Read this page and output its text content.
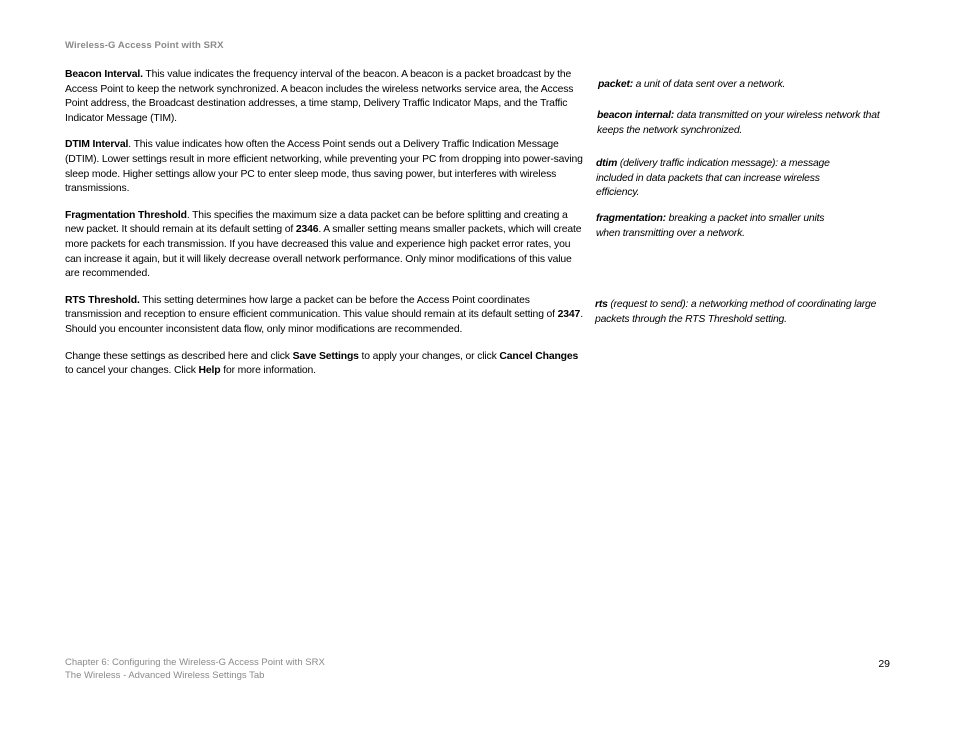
Wireless-G Access Point with SRX

Beacon Interval. This value indicates the frequency interval of the beacon. A beacon is a packet broadcast by the Access Point to keep the network synchronized. A beacon includes the wireless networks service area, the Access Point address, the Broadcast destination addresses, a time stamp, Delivery Traffic Indicator Maps, and the Traffic Indicator Message (TIM).

DTIM Interval. This value indicates how often the Access Point sends out a Delivery Traffic Indication Message (DTIM). Lower settings result in more efficient networking, while preventing your PC from dropping into power-saving sleep mode. Higher settings allow your PC to enter sleep mode, thus saving power, but interferes with wireless transmissions.

Fragmentation Threshold. This specifies the maximum size a data packet can be before splitting and creating a new packet. It should remain at its default setting of 2346. A smaller setting means smaller packets, which will create more packets for each transmission. If you have decreased this value and experience high packet error rates, you can increase it again, but it will likely decrease overall network performance. Only minor modifications of this value are recommended.

RTS Threshold. This setting determines how large a packet can be before the Access Point coordinates transmission and reception to ensure efficient communication. This value should remain at its default setting of 2347. Should you encounter inconsistent data flow, only minor modifications are recommended.

Change these settings as described here and click Save Settings to apply your changes, or click Cancel Changes to cancel your changes. Click Help for more information.

packet: a unit of data sent over a network.
beacon internal: data transmitted on your wireless network that keeps the network synchronized.
dtim (delivery traffic indication message): a message included in data packets that can increase wireless efficiency.
fragmentation: breaking a packet into smaller units when transmitting over a network.
rts (request to send): a networking method of coordinating large packets through the RTS Threshold setting.
Chapter 6: Configuring the Wireless-G Access Point with SRX
The Wireless - Advanced Wireless Settings Tab
29
